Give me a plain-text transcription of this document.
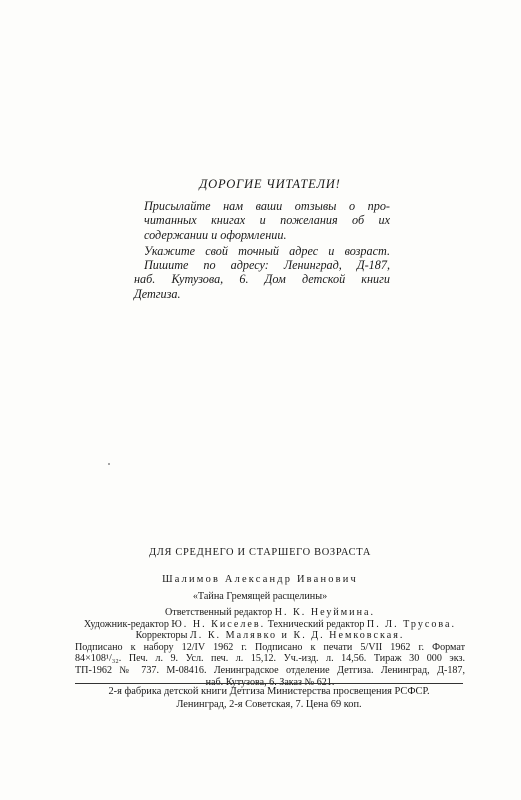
ДОРОГИЕ ЧИТАТЕЛИ!

Присылайте нам ваши отзывы о про-
читанных книгах и пожелания об их
содержании и оформлении.

Укажите свой точный адрес и возраст.
Пишите по адресу: Ленинград, Д-187,
наб. Кутузова, 6. Дом детской книги
Детгиза.

ДЛЯ СРЕДНЕГО И СТАРШЕГО ВОЗРАСТА
Шалимов Александр Иванович
«Тайна Гремящей расщелины»
Ответственный редактор Н. К. Неуймина.
Художник-редактор Ю. Н. Киселев. Технический редактор П. Л. Трусова.
Корректоры Л. К. Малявко и К. Д. Немковская.
Подписано к набору 12/IV 1962 г. Подписано к печати 5/VII 1962 г. Формат
84×108¹/₃₂. Печ. л. 9. Усл. печ. л. 15,12. Уч.-изд. л. 14,56. Тираж 30 000 экз.
ТП-1962 № 737. М-08416. Ленинградское отделение Детгиза. Ленинград, Д-187,
наб. Кутузова, 6. Заказ № 621.
2-я фабрика детской книги Детгиза Министерства просвещения РСФСР.
Ленинград, 2-я Советская, 7. Цена 69 коп.
